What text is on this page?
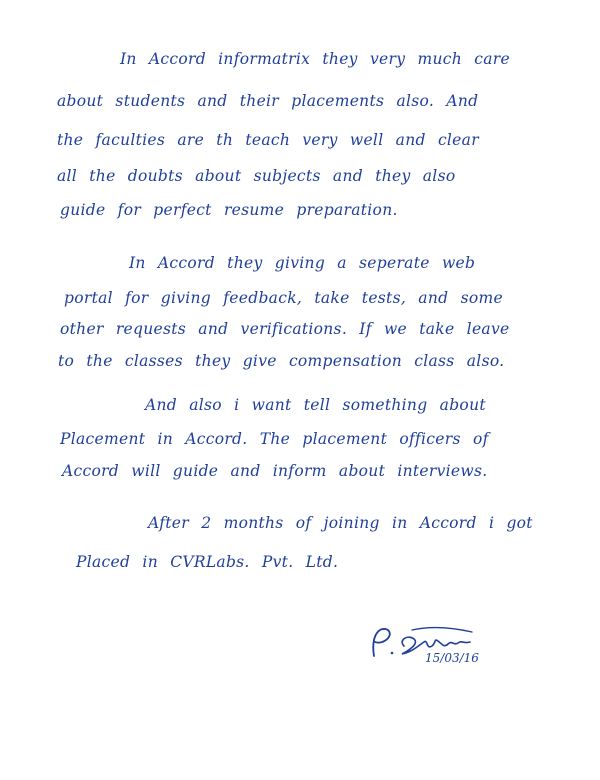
In Accord informatrix they very much care

about students and their placements also. And

the faculties are th teach very well and clear

all the doubts about subjects and they also

guide for perfect resume preparation.

In Accord they giving a seperate web

portal for giving feedback, take tests, and some

other requests and verifications. If we take leave

to the classes they give compensation class also.

And also i want tell something about

Placement in Accord. The placement officers of

Accord will guide and inform about interviews.

After 2 months of joining in Accord i got

Placed in CVRLabs. Pvt. Ltd.

15/03/16
